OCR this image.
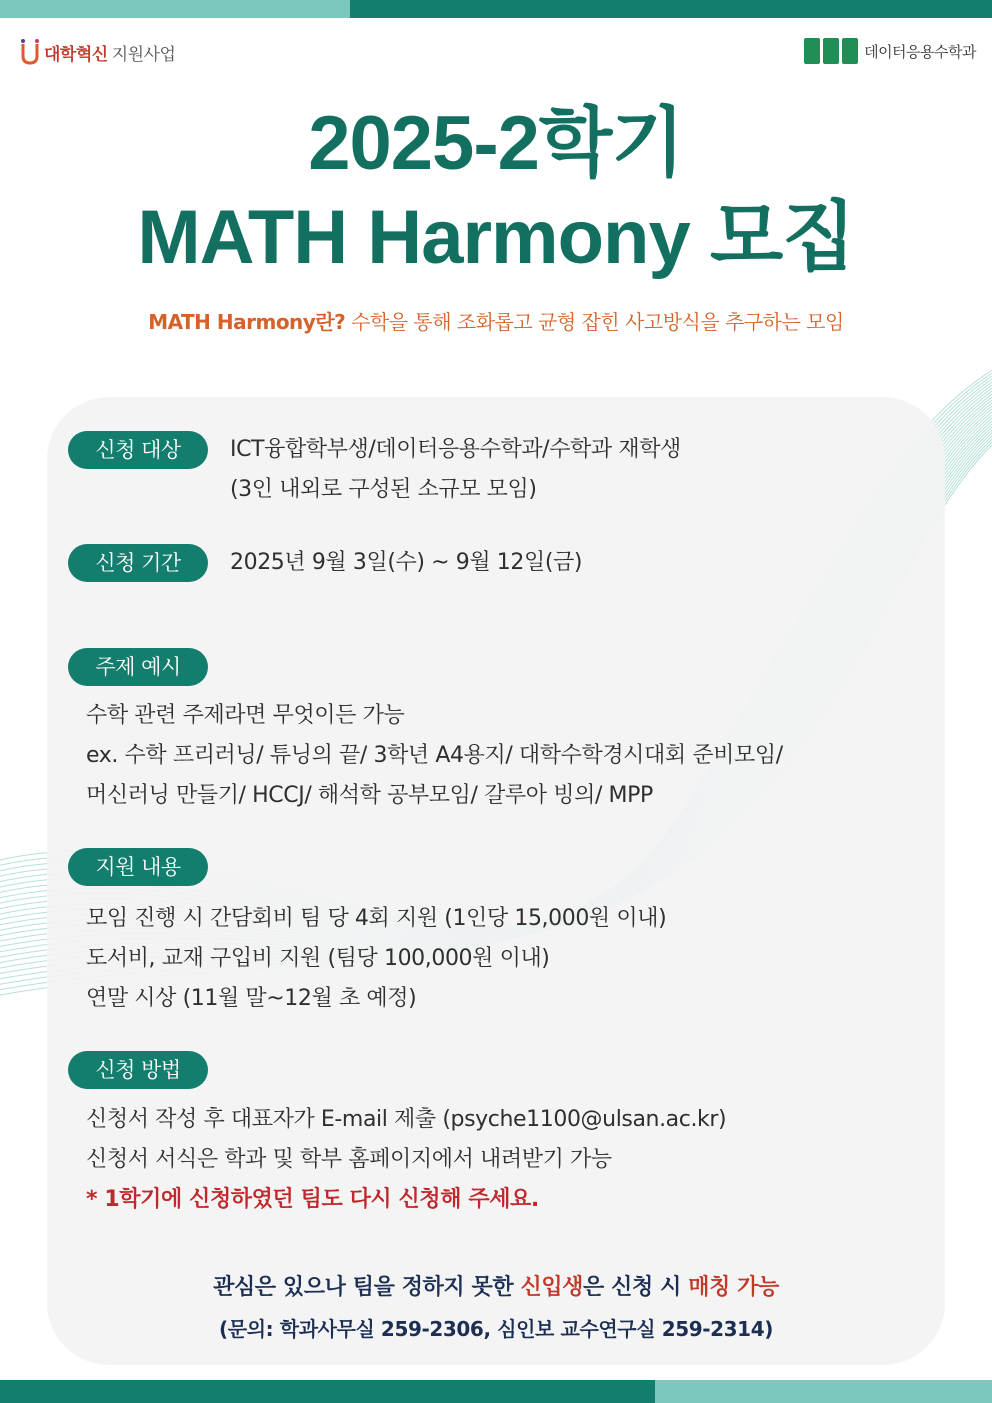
대학혁신 지원사업	데이터응용수학과
2025-2학기
MATH Harmony 모집
MATH Harmony란? 수학을 통해 조화롭고 균형 잡힌 사고방식을 추구하는 모임
신청 대상	ICT융합학부생/데이터응용수학과/수학과 재학생
(3인 내외로 구성된 소규모 모임)
신청 기간	2025년 9월 3일(수) ~ 9월 12일(금)
주제 예시
수학 관련 주제라면 무엇이든 가능
ex. 수학 프리러닝/ 튜닝의 끝/ 3학년 A4용지/ 대학수학경시대회 준비모임/
머신러닝 만들기/ HCCJ/ 해석학 공부모임/ 갈루아 빙의/ MPP
지원 내용
모임 진행 시 간담회비 팀 당 4회 지원 (1인당 15,000원 이내)
도서비, 교재 구입비 지원 (팀당 100,000원 이내)
연말 시상 (11월 말~12월 초 예정)
신청 방법
신청서 작성 후 대표자가 E-mail 제출 (psyche1100@ulsan.ac.kr)
신청서 서식은 학과 및 학부 홈페이지에서 내려받기 가능
* 1학기에 신청하였던 팀도 다시 신청해 주세요.
관심은 있으나 팀을 정하지 못한 신입생은 신청 시 매칭 가능
(문의: 학과사무실 259-2306, 심인보 교수연구실 259-2314)
